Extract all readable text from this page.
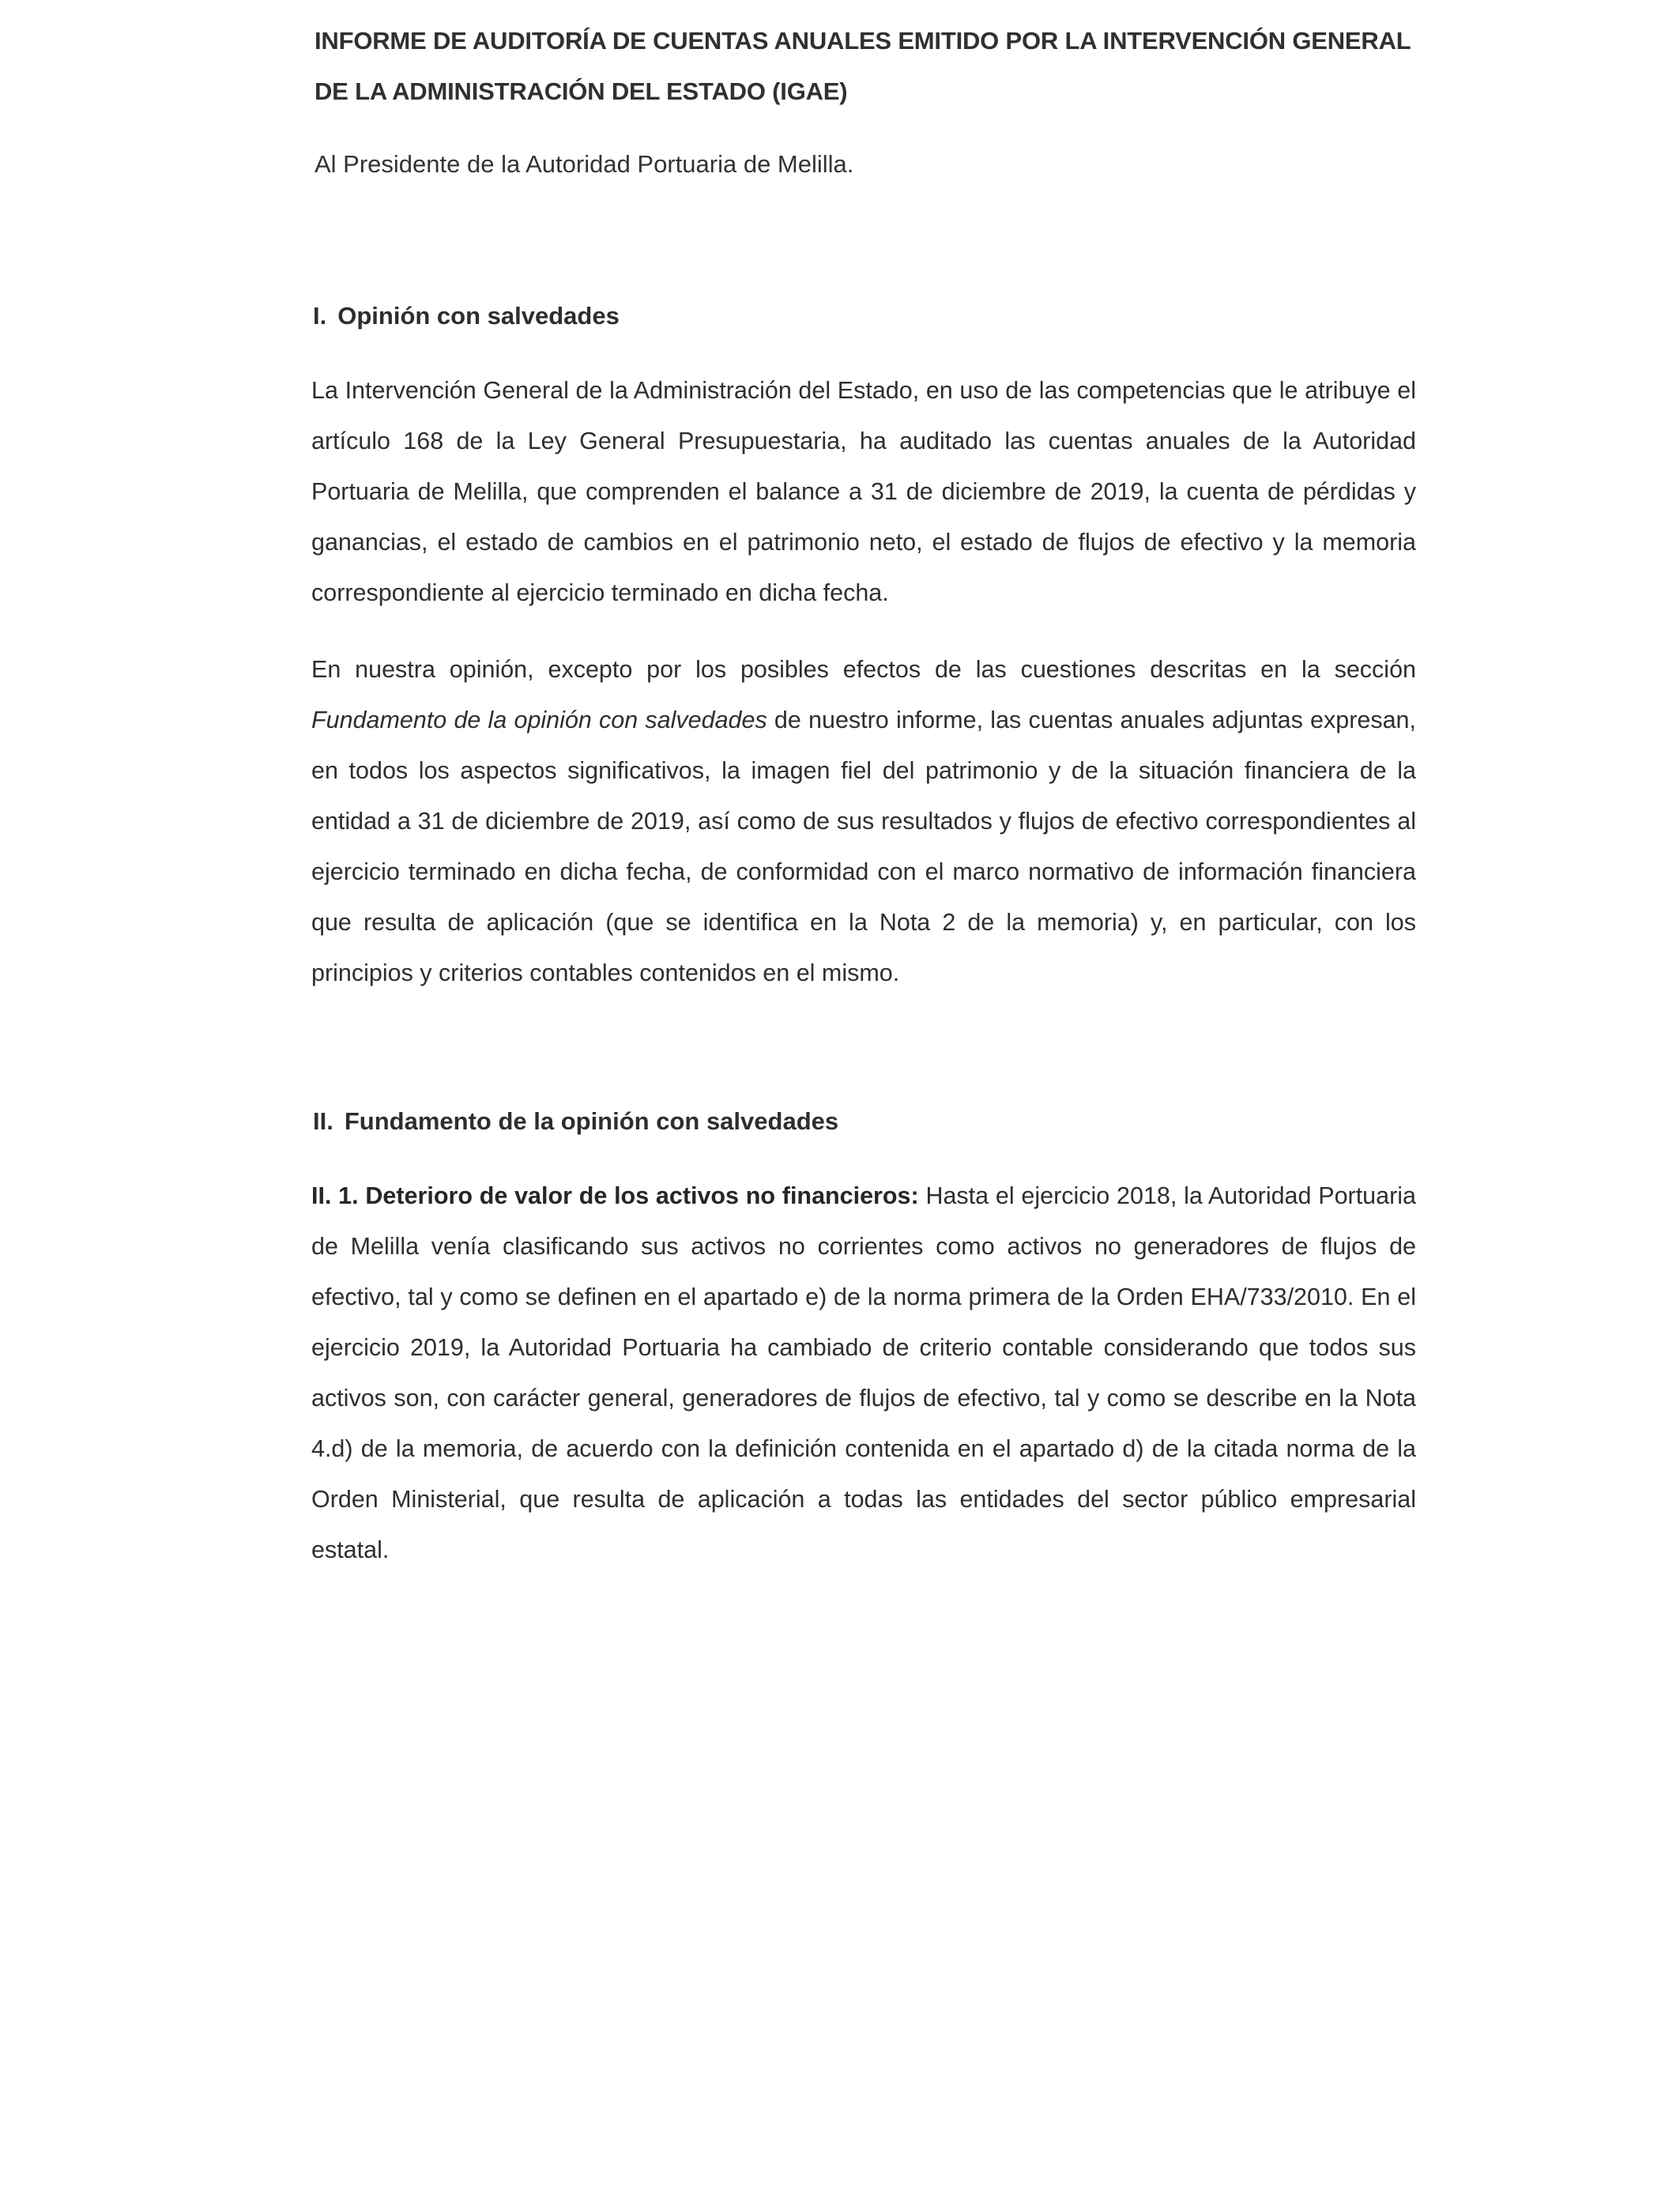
INFORME DE AUDITORÍA DE CUENTAS ANUALES EMITIDO POR LA INTERVENCIÓN GENERAL DE LA ADMINISTRACIÓN DEL ESTADO (IGAE)

Al Presidente de la Autoridad Portuaria de Melilla.

I. Opinión con salvedades

La Intervención General de la Administración del Estado, en uso de las competencias que le atribuye el artículo 168 de la Ley General Presupuestaria, ha auditado las cuentas anuales de la Autoridad Portuaria de Melilla, que comprenden el balance a 31 de diciembre de 2019, la cuenta de pérdidas y ganancias, el estado de cambios en el patrimonio neto, el estado de flujos de efectivo y la memoria correspondiente al ejercicio terminado en dicha fecha.

En nuestra opinión, excepto por los posibles efectos de las cuestiones descritas en la sección Fundamento de la opinión con salvedades de nuestro informe, las cuentas anuales adjuntas expresan, en todos los aspectos significativos, la imagen fiel del patrimonio y de la situación financiera de la entidad a 31 de diciembre de 2019, así como de sus resultados y flujos de efectivo correspondientes al ejercicio terminado en dicha fecha, de conformidad con el marco normativo de información financiera que resulta de aplicación (que se identifica en la Nota 2 de la memoria) y, en particular, con los principios y criterios contables contenidos en el mismo.

II. Fundamento de la opinión con salvedades

II. 1. Deterioro de valor de los activos no financieros: Hasta el ejercicio 2018, la Autoridad Portuaria de Melilla venía clasificando sus activos no corrientes como activos no generadores de flujos de efectivo, tal y como se definen en el apartado e) de la norma primera de la Orden EHA/733/2010. En el ejercicio 2019, la Autoridad Portuaria ha cambiado de criterio contable considerando que todos sus activos son, con carácter general, generadores de flujos de efectivo, tal y como se describe en la Nota 4.d) de la memoria, de acuerdo con la definición contenida en el apartado d) de la citada norma de la Orden Ministerial, que resulta de aplicación a todas las entidades del sector público empresarial estatal.
